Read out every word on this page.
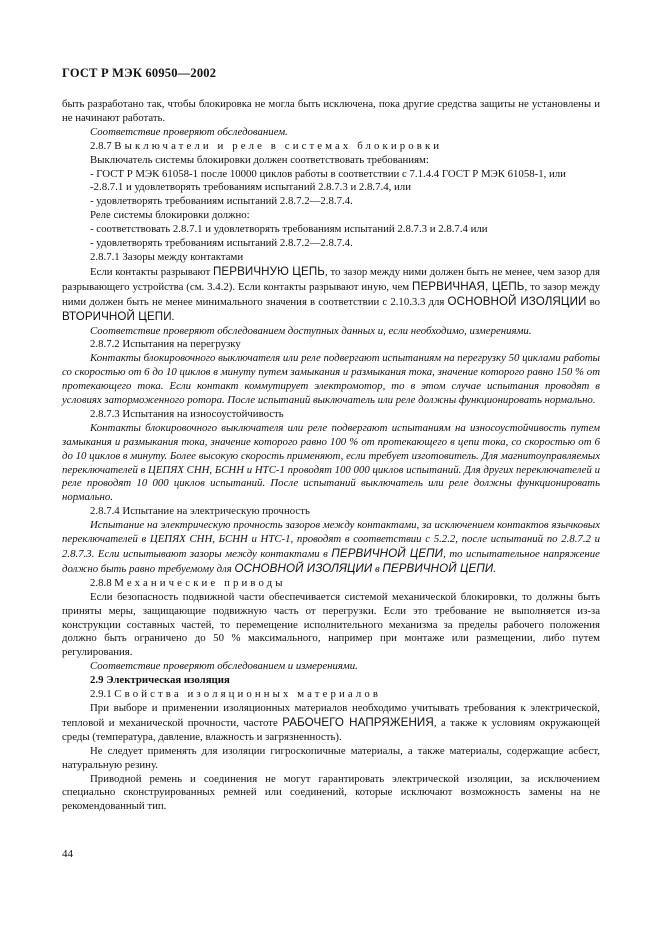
ГОСТ Р МЭК 60950—2002

быть разработано так, чтобы блокировка не могла быть исключена, пока другие средства защиты не установлены и не начинают работать.

Соответствие проверяют обследованием.

2.8.7 Выключатели и реле в системах блокировки

Выключатель системы блокировки должен соответствовать требованиям:

- ГОСТ Р МЭК 61058-1 после 10000 циклов работы в соответствии с 7.1.4.4 ГОСТ Р МЭК 61058-1, или

-2.8.7.1 и удовлетворять требованиям испытаний 2.8.7.3 и 2.8.7.4, или

- удовлетворять требованиям испытаний 2.8.7.2—2.8.7.4.

Реле системы блокировки должно:

- соответствовать 2.8.7.1 и удовлетворять требованиям испытаний 2.8.7.3 и 2.8.7.4 или

- удовлетворять требованиям испытаний 2.8.7.2—2.8.7.4.

2.8.7.1 Зазоры между контактами

Если контакты разрывают ПЕРВИЧНУЮ ЦЕПЬ, то зазор между ними должен быть не менее, чем зазор для разрывающего устройства (см. 3.4.2). Если контакты разрывают иную, чем ПЕРВИЧНАЯ, ЦЕПЬ, то зазор между ними должен быть не менее минимального значения в соответствии с 2.10.3.3 для ОСНОВНОЙ ИЗОЛЯЦИИ во ВТОРИЧНОЙ ЦЕПИ.

Соответствие проверяют обследованием доступных данных и, если необходимо, измерениями.

2.8.7.2 Испытания на перегрузку

Контакты блокировочного выключателя или реле подвергают испытаниям на перегрузку 50 циклами работы со скоростью от 6 до 10 циклов в минуту путем замыкания и размыкания тока, значение которого равно 150 % от протекающего тока. Если контакт коммутирует электромотор, то в этом случае испытания проводят в условиях заторможенного ротора. После испытаний выключатель или реле должны функционировать нормально.

2.8.7.3 Испытания на износоустойчивость

Контакты блокировочного выключателя или реле подвергают испытаниям на износоустойчивость путем замыкания и размыкания тока, значение которого равно 100 % от протекающего в цепи тока, со скоростью от 6 до 10 циклов в минуту. Более высокую скорость применяют, если требует изготовитель. Для магнитоуправляемых переключателей в ЦЕПЯХ СНН, БСНН и НТС-1 проводят 100 000 циклов испытаний. Для других переключателей и реле проводят 10 000 циклов испытаний. После испытаний выключатель или реле должны функционировать нормально.

2.8.7.4 Испытание на электрическую прочность

Испытание на электрическую прочность зазоров между контактами, за исключением контактов язычковых переключателей в ЦЕПЯХ СНН, БСНН и НТС-1, проводят в соответствии с 5.2.2, после испытаний по 2.8.7.2 и 2.8.7.3. Если испытывают зазоры между контактами в ПЕРВИЧНОЙ ЦЕПИ, то испытательное напряжение должно быть равно требуемому для ОСНОВНОЙ ИЗОЛЯЦИИ в ПЕРВИЧНОЙ ЦЕПИ.

2.8.8 Механические приводы

Если безопасность подвижной части обеспечивается системой механической блокировки, то должны быть приняты меры, защищающие подвижную часть от перегрузки. Если это требование не выполняется из-за конструкции составных частей, то перемещение исполнительного механизма за пределы рабочего положения должно быть ограничено до 50 % максимального, например при монтаже или размещении, либо путем регулирования.

Соответствие проверяют обследованием и измерениями.

2.9 Электрическая изоляция

2.9.1 Свойства изоляционных материалов

При выборе и применении изоляционных материалов необходимо учитывать требования к электрической, тепловой и механической прочности, частоте РАБОЧЕГО НАПРЯЖЕНИЯ, а также к условиям окружающей среды (температура, давление, влажность и загрязненность).

Не следует применять для изоляции гигроскопичные материалы, а также материалы, содержащие асбест, натуральную резину.

Приводной ремень и соединения не могут гарантировать электрической изоляции, за исключением специально сконструированных ремней или соединений, которые исключают возможность замены на не рекомендованный тип.

44
